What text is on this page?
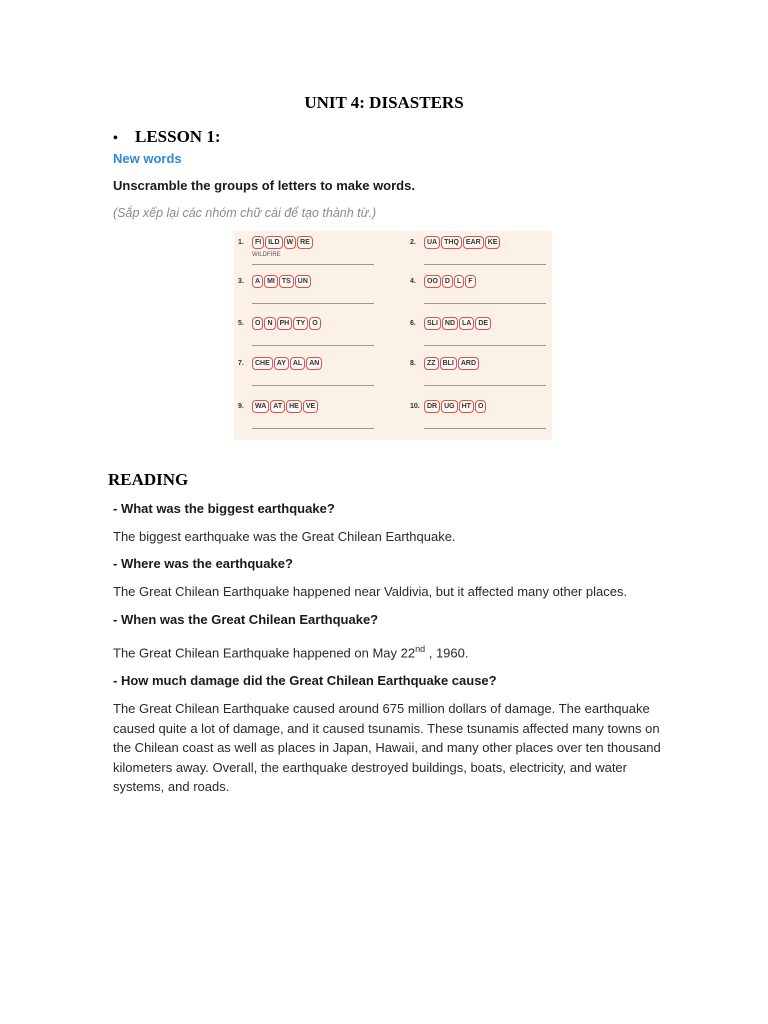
UNIT 4: DISASTERS
• LESSON 1:
New words
Unscramble the groups of letters to make words.
(Sắp xếp lại các nhóm chữ cái để tạo thành từ.)
1.	FI	ILD	W	RE
WILDFIRE
2.	UA	THQ	EAR	KE
3.	A	MI	TS	UN	4.	OO	D	L	F
5.	O	N	PH	TY	O	6.	SLI	ND	LA	DE
7.	CHE	AY	AL	AN	8.	ZZ	BLI	ARD
9.	WA	AT	HE	VE	10.	DR	UG	HT	O
READING
- What was the biggest earthquake?
The biggest earthquake was the Great Chilean Earthquake.
- Where was the earthquake?
The Great Chilean Earthquake happened near Valdivia, but it affected many other places.
- When was the Great Chilean Earthquake?
The Great Chilean Earthquake happened on May 22nd , 1960.
- How much damage did the Great Chilean Earthquake cause?
The Great Chilean Earthquake caused around 675 million dollars of damage. The earthquake caused quite a lot of damage, and it caused tsunamis. These tsunamis affected many towns on the Chilean coast as well as places in Japan, Hawaii, and many other places over ten thousand kilometers away. Overall, the earthquake destroyed buildings, boats, electricity, and water systems, and roads.
